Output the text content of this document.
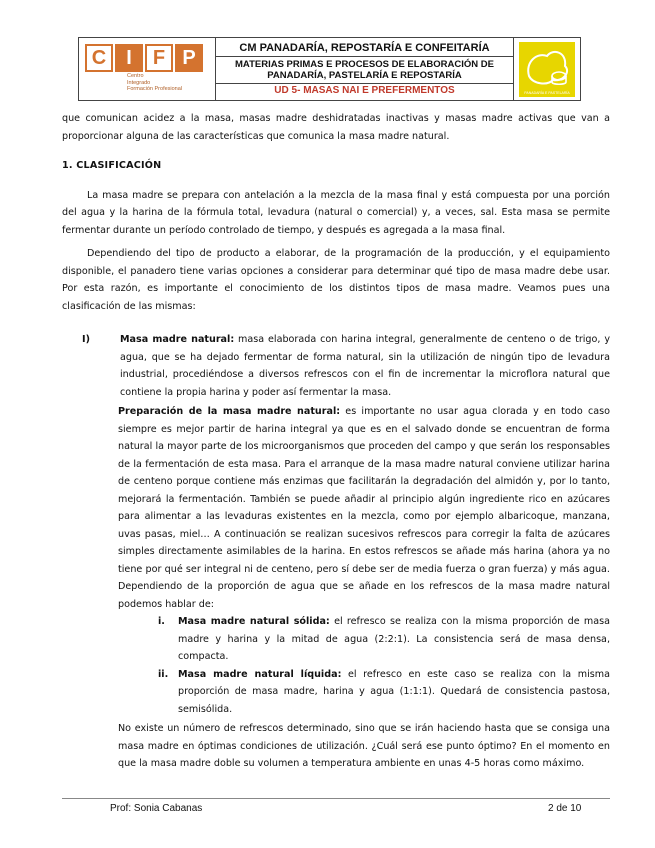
C	I	F P
Centro
Integrado
Formación Profesional

CM PANADARÍA, REPOSTARÍA E CONFEITARÍA
MATERIAS PRIMAS E PROCESOS DE ELABORACIÓN DE PANADARÍA, PASTELARÍA E REPOSTARÍA
UD 5- MASAS NAI E PREFERMENTOS	PANADARÍA E PASTELARÍA

que comunican acidez a la masa, masas madre deshidratadas inactivas y masas madre activas que van a proporcionar alguna de las características que comunica la masa madre natural.

1. CLASIFICACIÓN

La masa madre se prepara con antelación a la mezcla de la masa final y está compuesta por una porción del agua y la harina de la fórmula total, levadura (natural o comercial) y, a veces, sal. Esta masa se permite fermentar durante un período controlado de tiempo, y después es agregada a la masa final.

Dependiendo del tipo de producto a elaborar, de la programación de la producción, y el equipamiento disponible, el panadero tiene varias opciones a considerar para determinar qué tipo de masa madre debe usar. Por esta razón, es importante el conocimiento de los distintos tipos de masa madre. Veamos pues una clasificación de las mismas:

I)	Masa madre natural: masa elaborada con harina integral, generalmente de centeno o de trigo, y agua, que se ha dejado fermentar de forma natural, sin la utilización de ningún tipo de levadura industrial, procediéndose a diversos refrescos con el fin de incrementar la microflora natural que contiene la propia harina y poder así fermentar la masa.

Preparación de la masa madre natural: es importante no usar agua clorada y en todo caso siempre es mejor partir de harina integral ya que es en el salvado donde se encuentran de forma natural la mayor parte de los microorganismos que proceden del campo y que serán los responsables de la fermentación de esta masa. Para el arranque de la masa madre natural conviene utilizar harina de centeno porque contiene más enzimas que facilitarán la degradación del almidón y, por lo tanto, mejorará la fermentación. También se puede añadir al principio algún ingrediente rico en azúcares para alimentar a las levaduras existentes en la mezcla, como por ejemplo albaricoque, manzana, uvas pasas, miel… A continuación se realizan sucesivos refrescos para corregir la falta de azúcares simples directamente asimilables de la harina. En estos refrescos se añade más harina (ahora ya no tiene por qué ser integral ni de centeno, pero sí debe ser de media fuerza o gran fuerza) y más agua. Dependiendo de la proporción de agua que se añade en los refrescos de la masa madre natural podemos hablar de:

i. Masa madre natural sólida: el refresco se realiza con la misma proporción de masa madre y harina y la mitad de agua (2:2:1). La consistencia será de masa densa, compacta.

ii. Masa madre natural líquida: el refresco en este caso se realiza con la misma proporción de masa madre, harina y agua (1:1:1). Quedará de consistencia pastosa, semisólida.

No existe un número de refrescos determinado, sino que se irán haciendo hasta que se consiga una masa madre en óptimas condiciones de utilización. ¿Cuál será ese punto óptimo? En el momento en que la masa madre doble su volumen a temperatura ambiente en unas 4-5 horas como máximo.

Prof: Sonia Cabanas	2 de 10
